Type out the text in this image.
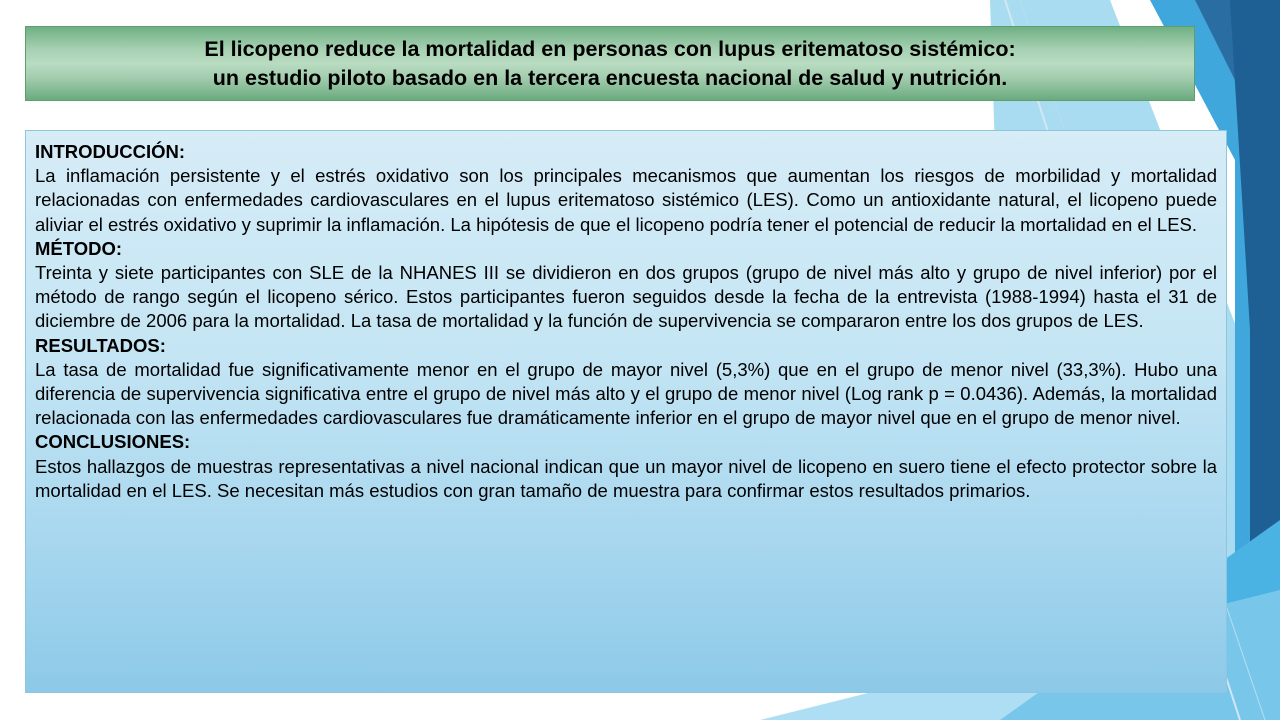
El licopeno reduce la mortalidad en personas con lupus eritematoso sistémico:
un estudio piloto basado en la tercera encuesta nacional de salud y nutrición.
INTRODUCCIÓN:
La inflamación persistente y el estrés oxidativo son los principales mecanismos que aumentan los riesgos de morbilidad y mortalidad relacionadas con enfermedades cardiovasculares en el lupus eritematoso sistémico (LES). Como un antioxidante natural, el licopeno puede aliviar el estrés oxidativo y suprimir la inflamación. La hipótesis de que el licopeno podría tener el potencial de reducir la mortalidad en el LES.
MÉTODO:
Treinta y siete participantes con SLE de la NHANES III se dividieron en dos grupos (grupo de nivel más alto y grupo de nivel inferior) por el método de rango según el licopeno sérico. Estos participantes fueron seguidos desde la fecha de la entrevista (1988-1994) hasta el 31 de diciembre de 2006 para la mortalidad. La tasa de mortalidad y la función de supervivencia se compararon entre los dos grupos de LES.
RESULTADOS:
La tasa de mortalidad fue significativamente menor en el grupo de mayor nivel (5,3%) que en el grupo de menor nivel (33,3%). Hubo una diferencia de supervivencia significativa entre el grupo de nivel más alto y el grupo de menor nivel (Log rank p = 0.0436). Además, la mortalidad relacionada con las enfermedades cardiovasculares fue dramáticamente inferior en el grupo de mayor nivel que en el grupo de menor nivel.
CONCLUSIONES:
Estos hallazgos de muestras representativas a nivel nacional indican que un mayor nivel de licopeno en suero tiene el efecto protector sobre la mortalidad en el LES. Se necesitan más estudios con gran tamaño de muestra para confirmar estos resultados primarios.
